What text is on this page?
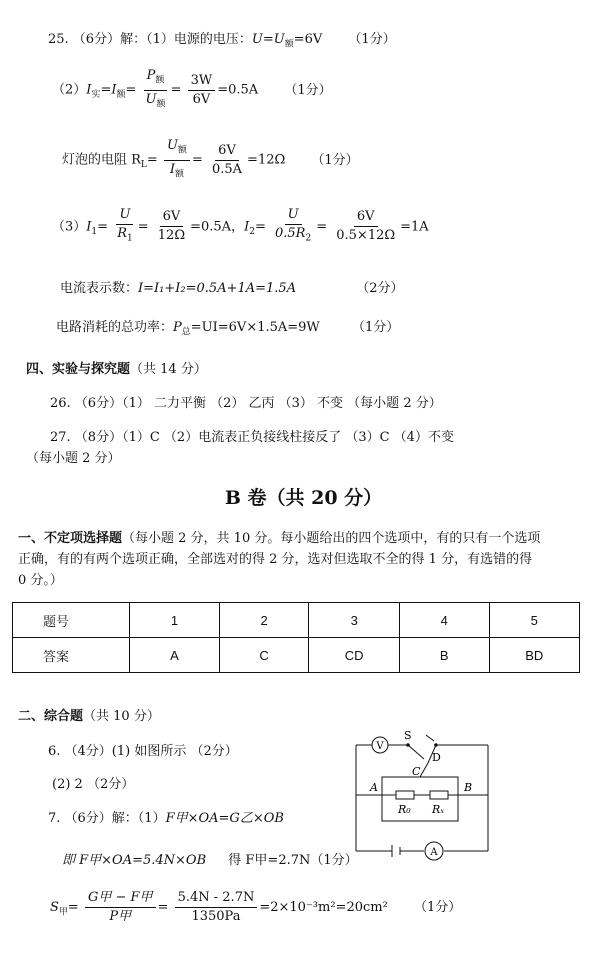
25. （6分）解：（1）电源的电压：$U=U_额=6V$ （1分）
$(2)I_实=I_额= \frac{P_额}{U_额} = \frac{3W}{6V} =0.5A$ （1分）
灯泡的电阻 $R_L= \frac{U_额}{I_额} = \frac{6V}{0.5A} =12\Omega$ （1分）
$(3)I_1= \frac{U}{R_1} = \frac{6V}{12\Omega} =0.5A$，$I_2= \frac{U}{0.5R_2} = \frac{6V}{0.5\times 12\Omega} =1A$
电流表示数：I=I₁+I₂=0.5A+1A=1.5A	（2分）
电路消耗的总功率：$P_总=UI=6V\times 1.5A=9W$ （1分）
四、实验与探究题（共 14 分）
26. （6分）（1） 二力平衡 （2） 乙丙 （3） 不变 （每小题 2 分）
27. （8分）（1）C （2）电流表正负接线柱接反了 （3）C （4）不变
（每小题 2 分）
B 卷（共 20 分）
一、不定项选择题（每小题 2 分，共 10 分。每小题给出的四个选项中，有的只有一个选项
正确，有的有两个选项正确，全部选对的得 2 分，选对但选取不全的得 1 分，有选错的得
0 分。）
题号	1	2	3	4	5
答案	A	C	CD	B	BD
二、综合题（共 10 分）
6. （4分）(1) 如图所示 （2分）
(2) 2 （2分）
7. （6分）解：（1）F甲×OA=G乙×OB
即 F甲×OA=5.4N×OB 得 F甲=2.7N（1分）
$S_甲= \frac{\text{G甲 − F甲}}{\text{P甲}} = \frac{5.4N - 2.7N}{1350Pa} =2\times 10^{-3}m^2=20cm^2$ （1分）
V
A
S
D
C
A	B
R₀ Rₓ
